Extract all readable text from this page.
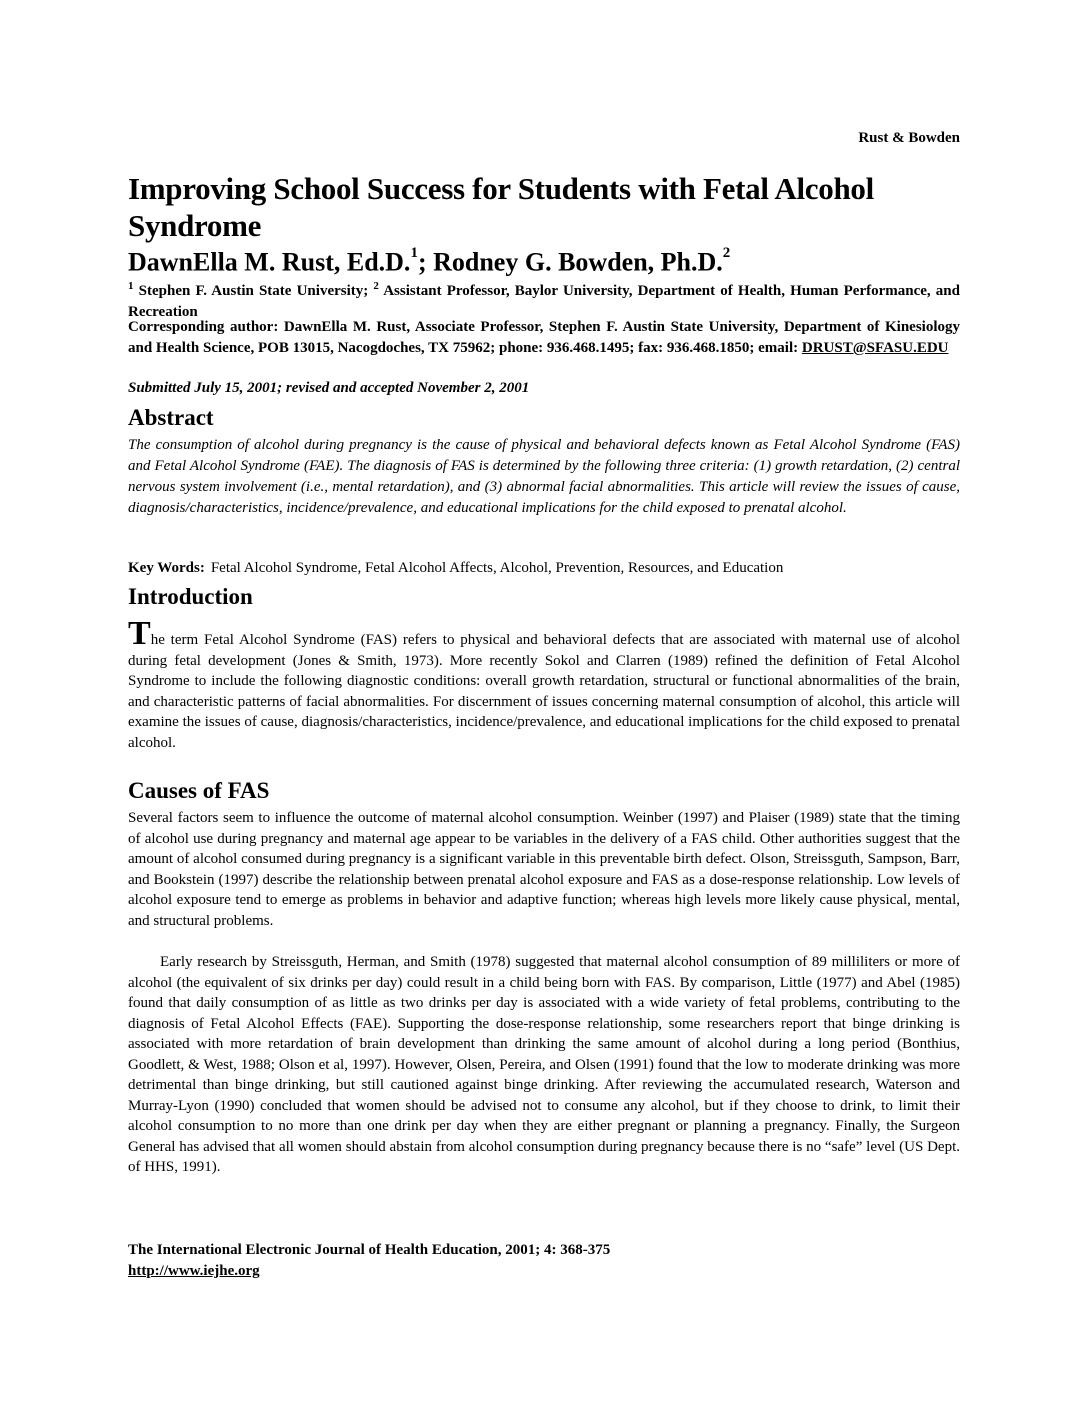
Rust & Bowden
Improving School Success for Students with Fetal Alcohol Syndrome
DawnElla M. Rust, Ed.D.$^1$; Rodney G. Bowden, Ph.D.$^2$
$^1$ Stephen F. Austin State University; $^2$ Assistant Professor, Baylor University, Department of Health, Human Performance, and Recreation
Corresponding author: DawnElla M. Rust, Associate Professor, Stephen F. Austin State University, Department of Kinesiology and Health Science, POB 13015, Nacogdoches, TX 75962; phone: 936.468.1495; fax: 936.468.1850; email: DRUST@SFASU.EDU
Submitted July 15, 2001; revised and accepted November 2, 2001
Abstract
The consumption of alcohol during pregnancy is the cause of physical and behavioral defects known as Fetal Alcohol Syndrome (FAS) and Fetal Alcohol Syndrome (FAE). The diagnosis of FAS is determined by the following three criteria: (1) growth retardation, (2) central nervous system involvement (i.e., mental retardation), and (3) abnormal facial abnormalities. This article will review the issues of cause, diagnosis/characteristics, incidence/prevalence, and educational implications for the child exposed to prenatal alcohol.
Key Words: Fetal Alcohol Syndrome, Fetal Alcohol Affects, Alcohol, Prevention, Resources, and Education
Introduction
The term Fetal Alcohol Syndrome (FAS) refers to physical and behavioral defects that are associated with maternal use of alcohol during fetal development (Jones & Smith, 1973). More recently Sokol and Clarren (1989) refined the definition of Fetal Alcohol Syndrome to include the following diagnostic conditions: overall growth retardation, structural or functional abnormalities of the brain, and characteristic patterns of facial abnormalities. For discernment of issues concerning maternal consumption of alcohol, this article will examine the issues of cause, diagnosis/characteristics, incidence/prevalence, and educational implications for the child exposed to prenatal alcohol.
Causes of FAS
Several factors seem to influence the outcome of maternal alcohol consumption. Weinber (1997) and Plaiser (1989) state that the timing of alcohol use during pregnancy and maternal age appear to be variables in the delivery of a FAS child. Other authorities suggest that the amount of alcohol consumed during pregnancy is a significant variable in this preventable birth defect. Olson, Streissguth, Sampson, Barr, and Bookstein (1997) describe the relationship between prenatal alcohol exposure and FAS as a dose-response relationship. Low levels of alcohol exposure tend to emerge as problems in behavior and adaptive function; whereas high levels more likely cause physical, mental, and structural problems.
Early research by Streissguth, Herman, and Smith (1978) suggested that maternal alcohol consumption of 89 milliliters or more of alcohol (the equivalent of six drinks per day) could result in a child being born with FAS. By comparison, Little (1977) and Abel (1985) found that daily consumption of as little as two drinks per day is associated with a wide variety of fetal problems, contributing to the diagnosis of Fetal Alcohol Effects (FAE). Supporting the dose-response relationship, some researchers report that binge drinking is associated with more retardation of brain development than drinking the same amount of alcohol during a long period (Bonthius, Goodlett, & West, 1988; Olson et al, 1997). However, Olsen, Pereira, and Olsen (1991) found that the low to moderate drinking was more detrimental than binge drinking, but still cautioned against binge drinking. After reviewing the accumulated research, Waterson and Murray-Lyon (1990) concluded that women should be advised not to consume any alcohol, but if they choose to drink, to limit their alcohol consumption to no more than one drink per day when they are either pregnant or planning a pregnancy. Finally, the Surgeon General has advised that all women should abstain from alcohol consumption during pregnancy because there is no “safe” level (US Dept. of HHS, 1991).
The International Electronic Journal of Health Education, 2001; 4: 368-375
http://www.iejhe.org
